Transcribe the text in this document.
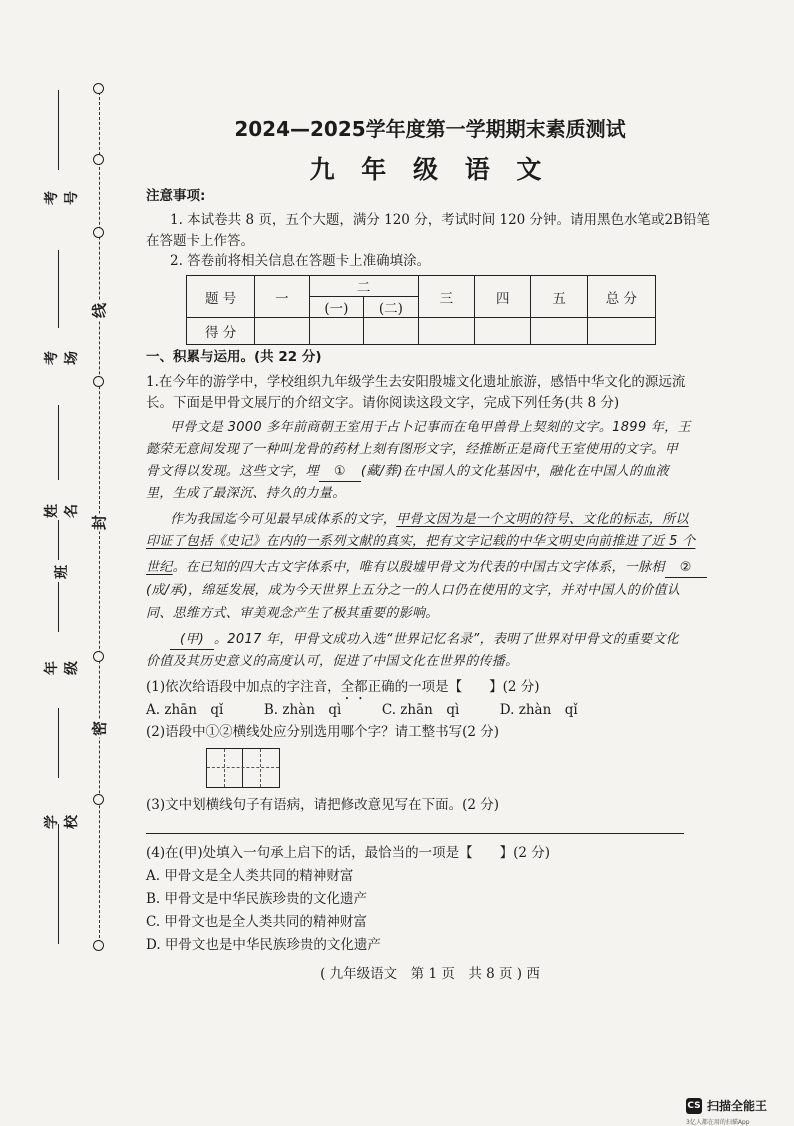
线
封
密
考号
考场
姓名
班
年级
学校
2024—2025学年度第一学期期末素质测试
九 年 级 语 文
注意事项:
1. 本试卷共 8 页，五个大题，满分 120 分，考试时间 120 分钟。请用黑色水笔或2B铅笔
在答题卡上作答。
2. 答卷前将相关信息在答题卡上准确填涂。
题 号	一	二		三	四	五	总 分
		(一)	(二)				
得 分							
一、积累与运用。(共 22 分)
1.在今年的游学中，学校组织九年级学生去安阳殷墟文化遗址旅游，感悟中华文化的源远流
长。下面是甲骨文展厅的介绍文字。请你阅读这段文字，完成下列任务(共 8 分)
甲骨文是 3000 多年前商朝王室用于占卜记事而在龟甲兽骨上契刻的文字。1899 年，王
懿荣无意间发现了一种叫龙骨的药材上刻有图形文字，经推断正是商代王室使用的文字。甲
骨文得以发现。这些文字，埋 ① (藏/葬)在中国人的文化基因中，融化在中国人的血液
里，生成了最深沉、持久的力量。
作为我国迄今可见最早成体系的文字，甲骨文因为是一个文明的符号、文化的标志，所以
印证了包括《史记》在内的一系列文献的真实，把有文字记载的中华文明史向前推进了近 5 个
世纪。在已知的四大古文字体系中，唯有以殷墟甲骨文为代表的中国古文字体系，一脉相 ②
(成/承)，绵延发展，成为今天世界上五分之一的人口仍在使用的文字，并对中国人的价值认
同、思维方式、审美观念产生了极其重要的影响。
(甲) 。2017 年，甲骨文成功入选“世界记忆名录”，表明了世界对甲骨文的重要文化
价值及其历史意义的高度认可，促进了中国文化在世界的传播。
(1)依次给语段中加点的字注音，全都正确的一项是【　　】(2 分)
A. zhān　qǐ　　　B. zhàn　qì　　　C. zhān　qì　　　D. zhàn　qǐ
(2)语段中①②横线处应分别选用哪个字？请工整书写(2 分)
(3)文中划横线句子有语病，请把修改意见写在下面。(2 分)
(4)在(甲)处填入一句承上启下的话，最恰当的一项是【　　】(2 分)
A. 甲骨文是全人类共同的精神财富
B. 甲骨文是中华民族珍贵的文化遗产
C. 甲骨文也是全人类共同的精神财富
D. 甲骨文也是中华民族珍贵的文化遗产
( 九年级语文　第 1 页　共 8 页 ) 西
CS 扫描全能王
3亿人都在用的扫描App
